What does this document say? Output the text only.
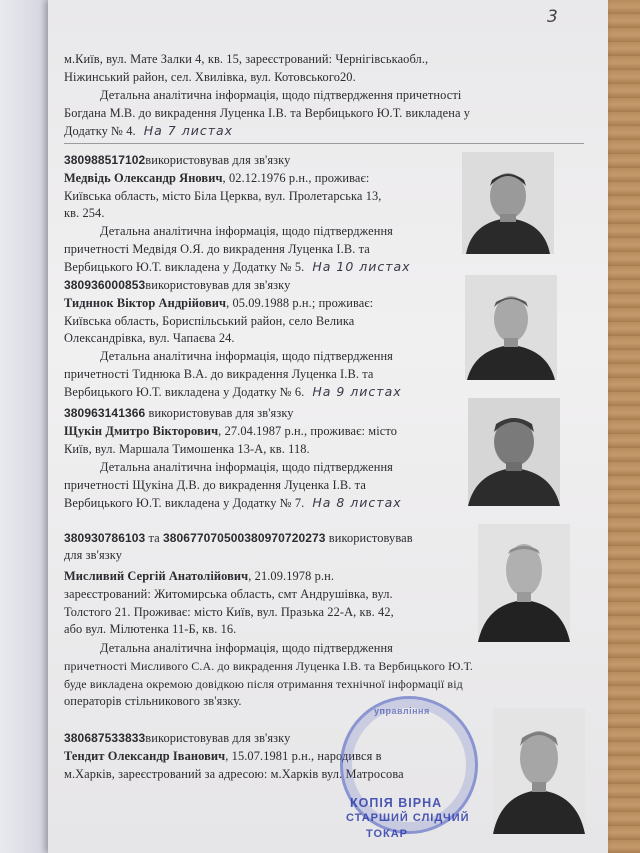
3
м.Київ, вул. Мате Залки 4, кв. 15, зареєстрований: Чернігівськаобл.,
Ніжинський район, сел. Хвилівка, вул. Котовського20.
Детальна аналітична інформація, щодо підтвердження причетності
Богдана М.В. до викрадення Луценка І.В. та Вербицького Ю.Т. викладена у
Додатку № 4. На 7 листах
380988517102використовував для зв'язку
Медвідь Олександр Янович, 02.12.1976 р.н., проживає:
Київська область, місто Біла Церква, вул. Пролетарська 13,
кв. 254.
Детальна аналітична інформація, щодо підтвердження
причетності Медвідя О.Я. до викрадення Луценка І.В. та
Вербицького Ю.Т. викладена у Додатку № 5. На 10 листах
380936000853використовував для зв'язку
Тидннок Віктор Андрійович, 05.09.1988 р.н.; проживає:
Київська область, Бориспільський район, село Велика
Олександрівка, вул. Чапаєва 24.
Детальна аналітична інформація, щодо підтвердження
причетності Тиднюка В.А. до викрадення Луценка І.В. та
Вербицького Ю.Т. викладена у Додатку № 6. На 9 листах
380963141366 використовував для зв'язку
Щукін Дмитро Вікторович, 27.04.1987 р.н., проживає: місто
Київ, вул. Маршала Тимошенка 13-А, кв. 118.
Детальна аналітична інформація, щодо підтвердження
причетності Щукіна Д.В. до викрадення Луценка І.В. та
Вербицького Ю.Т. викладена у Додатку № 7. На 8 листах
380930786103 та 380677070500380970720273 використовував
для зв'язку
Мисливий Сергій Анатолійович, 21.09.1978 р.н.
зареєстрований: Житомирська область, смт Андрушівка, вул.
Толстого 21. Проживає: місто Київ, вул. Празька 22-А, кв. 42,
або вул. Мілютенка 11-Б, кв. 16.
Детальна аналітична інформація, щодо підтвердження
причетності Мисливого С.А. до викрадення Луценка І.В. та Вербицького Ю.Т.
буде викладена окремою довідкою після отримання технічної інформації від
операторів стільникового зв'язку.
380687533833використовував для зв'язку
Тендит Олександр Іванович, 15.07.1981 р.н., народився в
м.Харків, зареєстрований за адресою: м.Харків вул. Матросова
управління
КОПІЯ ВІРНА
СТАРШИЙ СЛІДЧИЙ
ТОКАР
